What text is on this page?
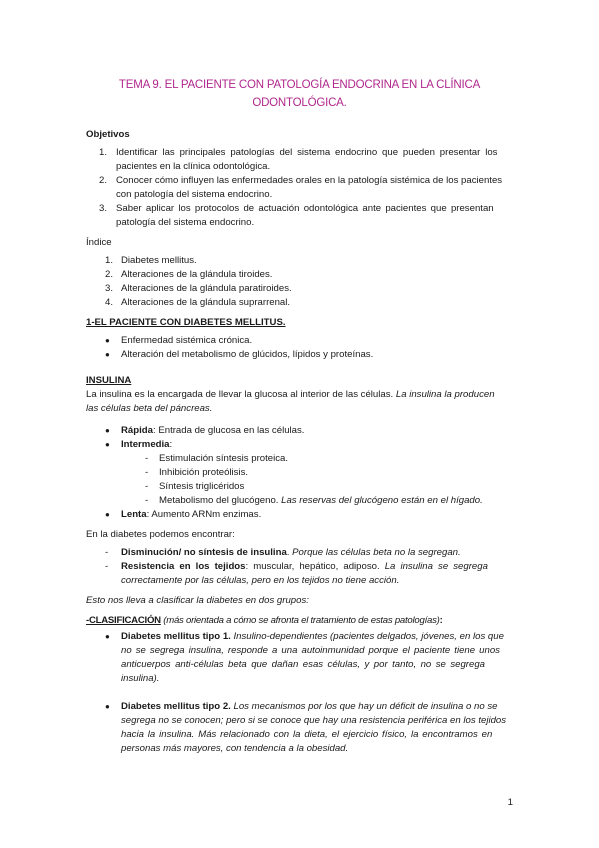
TEMA 9. EL PACIENTE CON PATOLOGÍA ENDOCRINA EN LA CLÍNICA
ODONTOLÓGICA.
Objetivos
1. Identificar las principales patologías del sistema endocrino que pueden presentar los
pacientes en la clínica odontológica.
2. Conocer cómo influyen las enfermedades orales en la patología sistémica de los pacientes
con patología del sistema endocrino.
3. Saber aplicar los protocolos de actuación odontológica ante pacientes que presentan
patología del sistema endocrino.
Índice
1. Diabetes mellitus.
2. Alteraciones de la glándula tiroides.
3. Alteraciones de la glándula paratiroides.
4. Alteraciones de la glándula suprarrenal.
1-EL PACIENTE CON DIABETES MELLITUS.
● Enfermedad sistémica crónica.
● Alteración del metabolismo de glúcidos, lípidos y proteínas.
INSULINA
La insulina es la encargada de llevar la glucosa al interior de las células. La insulina la producen
las células beta del páncreas.
● Rápida: Entrada de glucosa en las células.
● Intermedia:
- Estimulación síntesis proteica.
- Inhibición proteólisis.
- Síntesis triglicéridos
- Metabolismo del glucógeno. Las reservas del glucógeno están en el hígado.
● Lenta: Aumento ARNm enzimas.
En la diabetes podemos encontrar:
- Disminución/ no síntesis de insulina. Porque las células beta no la segregan.
- Resistencia en los tejidos: muscular, hepático, adiposo. La insulina se segrega
correctamente por las células, pero en los tejidos no tiene acción.
Esto nos lleva a clasificar la diabetes en dos grupos:
-CLASIFICACIÓN (más orientada a cómo se afronta el tratamiento de estas patologías):
● Diabetes mellitus tipo 1. Insulino-dependientes (pacientes delgados, jóvenes, en los que
no se segrega insulina, responde a una autoinmunidad porque el paciente tiene unos
anticuerpos anti-células beta que dañan esas células, y por tanto, no se segrega
insulina).
● Diabetes mellitus tipo 2. Los mecanismos por los que hay un déficit de insulina o no se
segrega no se conocen; pero si se conoce que hay una resistencia periférica en los tejidos
hacia la insulina. Más relacionado con la dieta, el ejercicio físico, la encontramos en
personas más mayores, con tendencia a la obesidad.
1
